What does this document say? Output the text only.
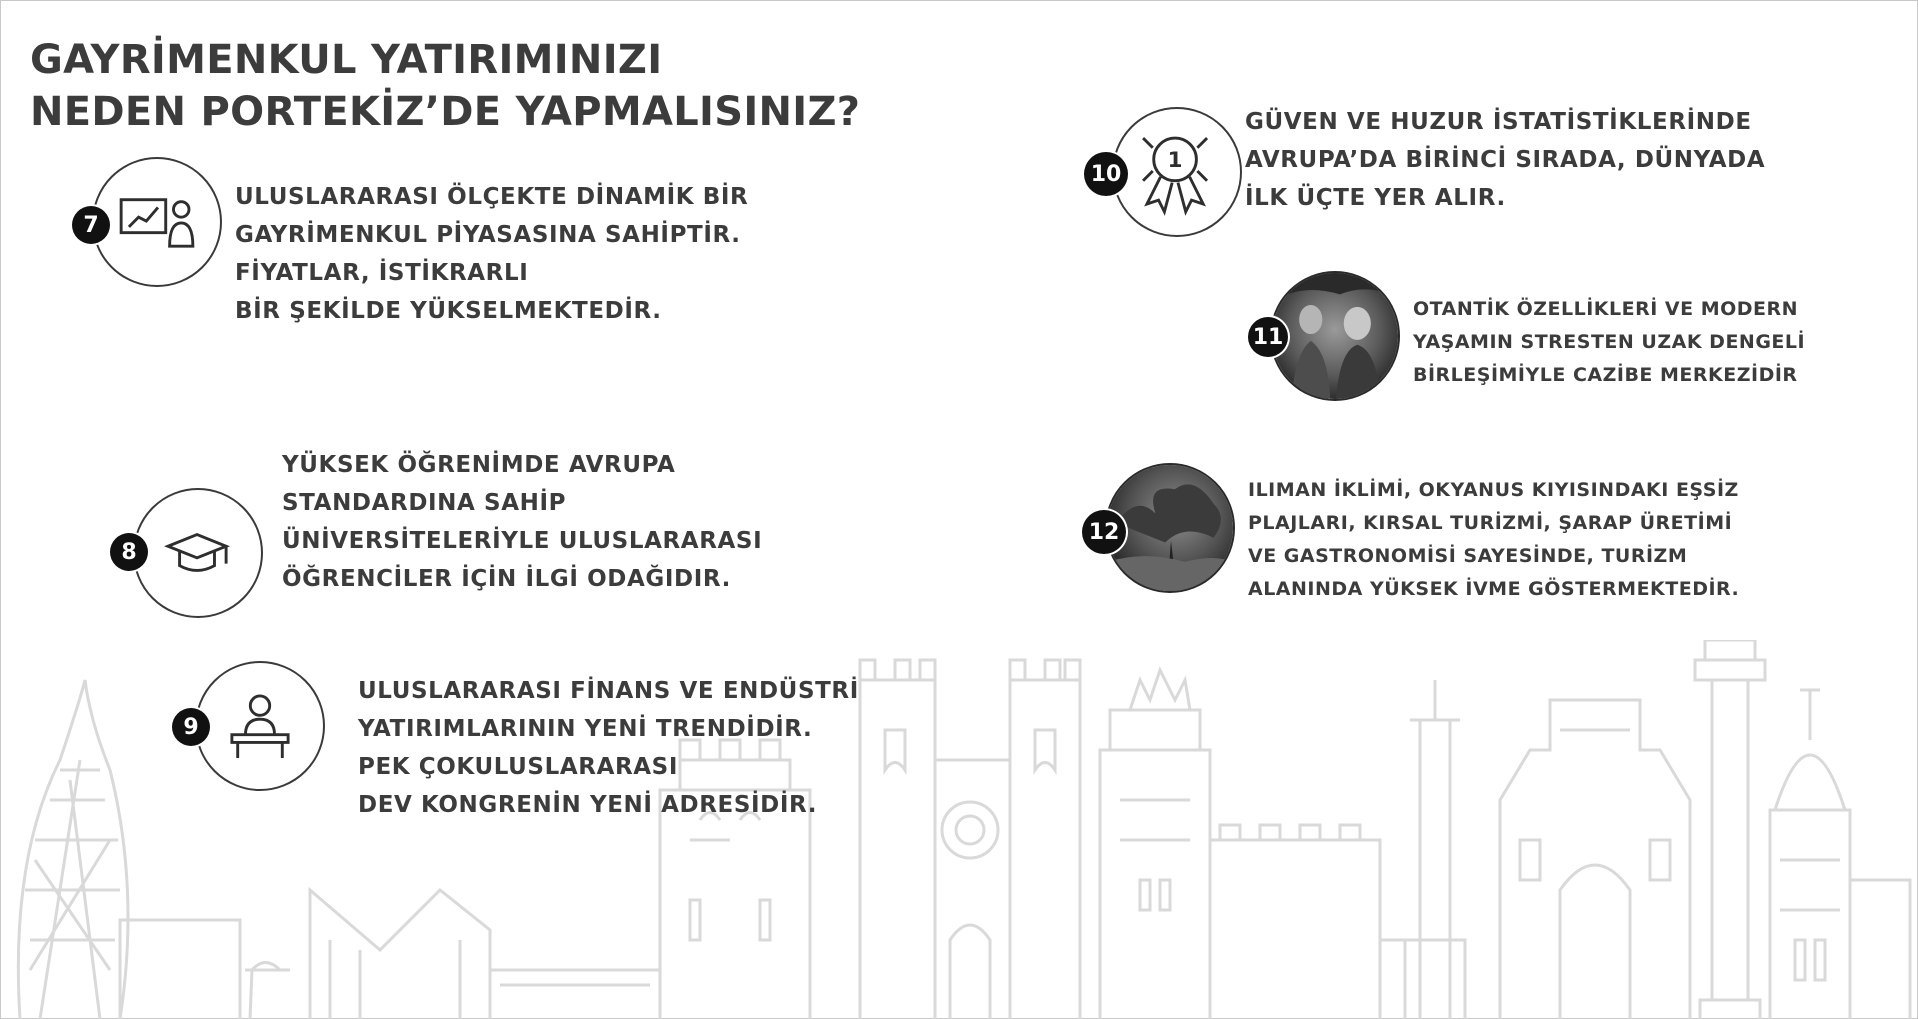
GAYRİMENKUL YATIRIMINIZI
NEDEN PORTEKİZ’DE YAPMALISINIZ?
7

ULUSLARARASI ÖLÇEKTE DİNAMİK BİR
GAYRİMENKUL PİYASASINA SAHİPTİR.
FİYATLAR, İSTİKRARLI
BİR ŞEKİLDE YÜKSELMEKTEDİR.

8

YÜKSEK ÖĞRENİMDE AVRUPA
STANDARDINA SAHİP
ÜNİVERSİTELERİYLE ULUSLARARASI
ÖĞRENCİLER İÇİN İLGİ ODAĞIDIR.

9

ULUSLARARASI FİNANS VE ENDÜSTRİ
YATIRIMLARININ YENİ TRENDİDİR.
PEK ÇOKULUSLARARASI
DEV KONGRENİN YENİ ADRESİDİR.

1
10

GÜVEN VE HUZUR İSTATİSTİKLERİNDE
AVRUPA’DA BİRİNCİ SIRADA, DÜNYADA
İLK ÜÇTE YER ALIR.

11

OTANTİK ÖZELLİKLERİ VE MODERN
YAŞAMIN STRESTEN UZAK DENGELİ
BİRLEŞİMİYLE CAZİBE MERKEZİDİR

12

ILIMAN İKLİMİ, OKYANUS KIYISINDAKI EŞSİZ
PLAJLARI, KIRSAL TURİZMİ, ŞARAP ÜRETİMİ
VE GASTRONOMİSİ SAYESİNDE, TURİZM
ALANINDA YÜKSEK İVME GÖSTERMEKTEDİR.
